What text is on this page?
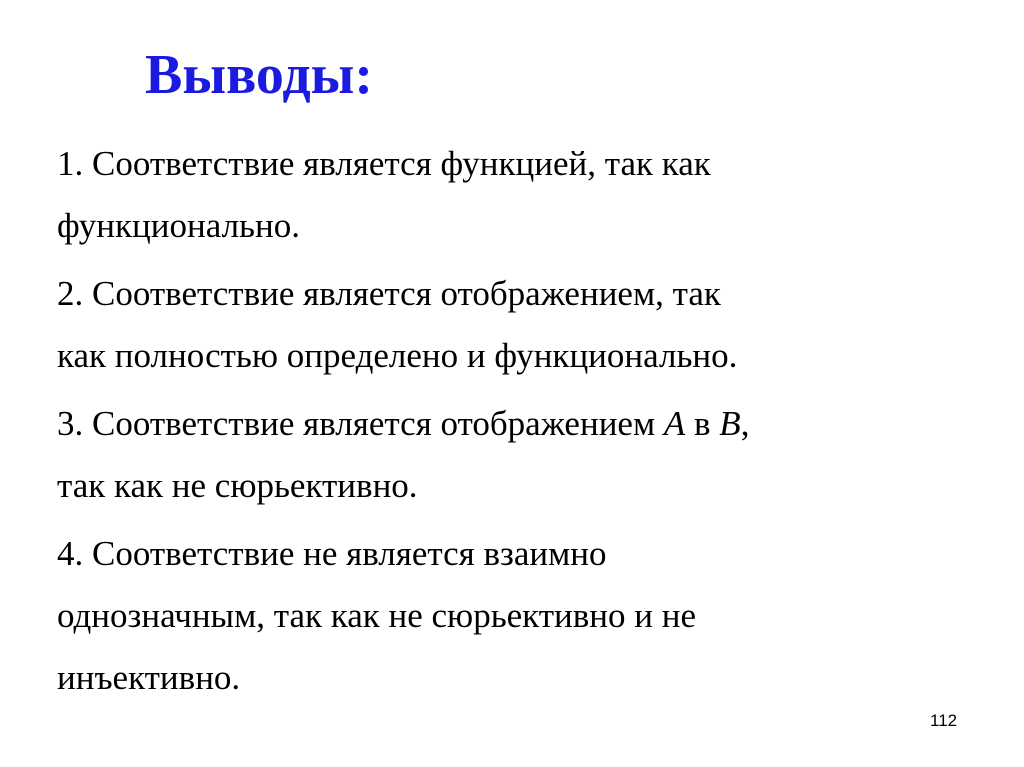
Выводы:
1. Соответствие является функцией, так как
функционально.
2. Соответствие является отображением, так
как полностью определено и функционально.
3. Соответствие является отображением A в B,
так как не сюрьективно.
4. Соответствие не является взаимно
однозначным, так как не сюрьективно и не
инъективно.
112
